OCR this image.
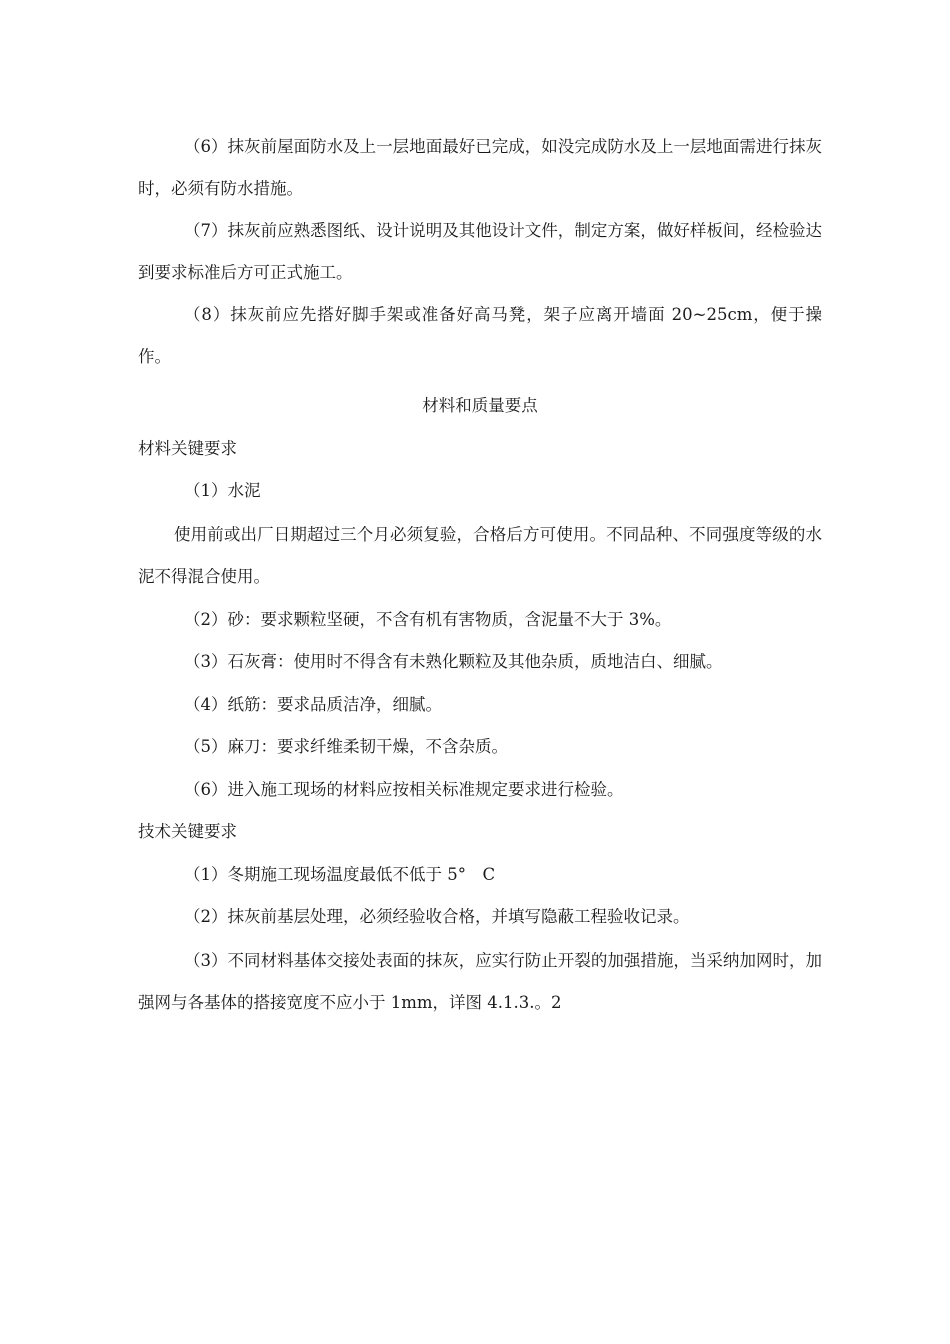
（6）抹灰前屋面防水及上一层地面最好已完成，如没完成防水及上一层地面需进行抹灰时，必须有防水措施。

（7）抹灰前应熟悉图纸、设计说明及其他设计文件，制定方案，做好样板间，经检验达到要求标准后方可正式施工。

（8）抹灰前应先搭好脚手架或准备好高马凳，架子应离开墙面 20~25cm，便于操作。

材料和质量要点

材料关键要求

（1）水泥

使用前或出厂日期超过三个月必须复验，合格后方可使用。不同品种、不同强度等级的水泥不得混合使用。

（2）砂：要求颗粒坚硬，不含有机有害物质，含泥量不大于 3%。

（3）石灰膏：使用时不得含有未熟化颗粒及其他杂质，质地洁白、细腻。

（4）纸筋：要求品质洁净，细腻。

（5）麻刀：要求纤维柔韧干燥，不含杂质。

（6）进入施工现场的材料应按相关标准规定要求进行检验。

技术关键要求

（1）冬期施工现场温度最低不低于 5°　C

（2）抹灰前基层处理，必须经验收合格，并填写隐蔽工程验收记录。

（3）不同材料基体交接处表面的抹灰，应实行防止开裂的加强措施，当采纳加网时，加强网与各基体的搭接宽度不应小于 1mm，详图 4.1.3.。2
